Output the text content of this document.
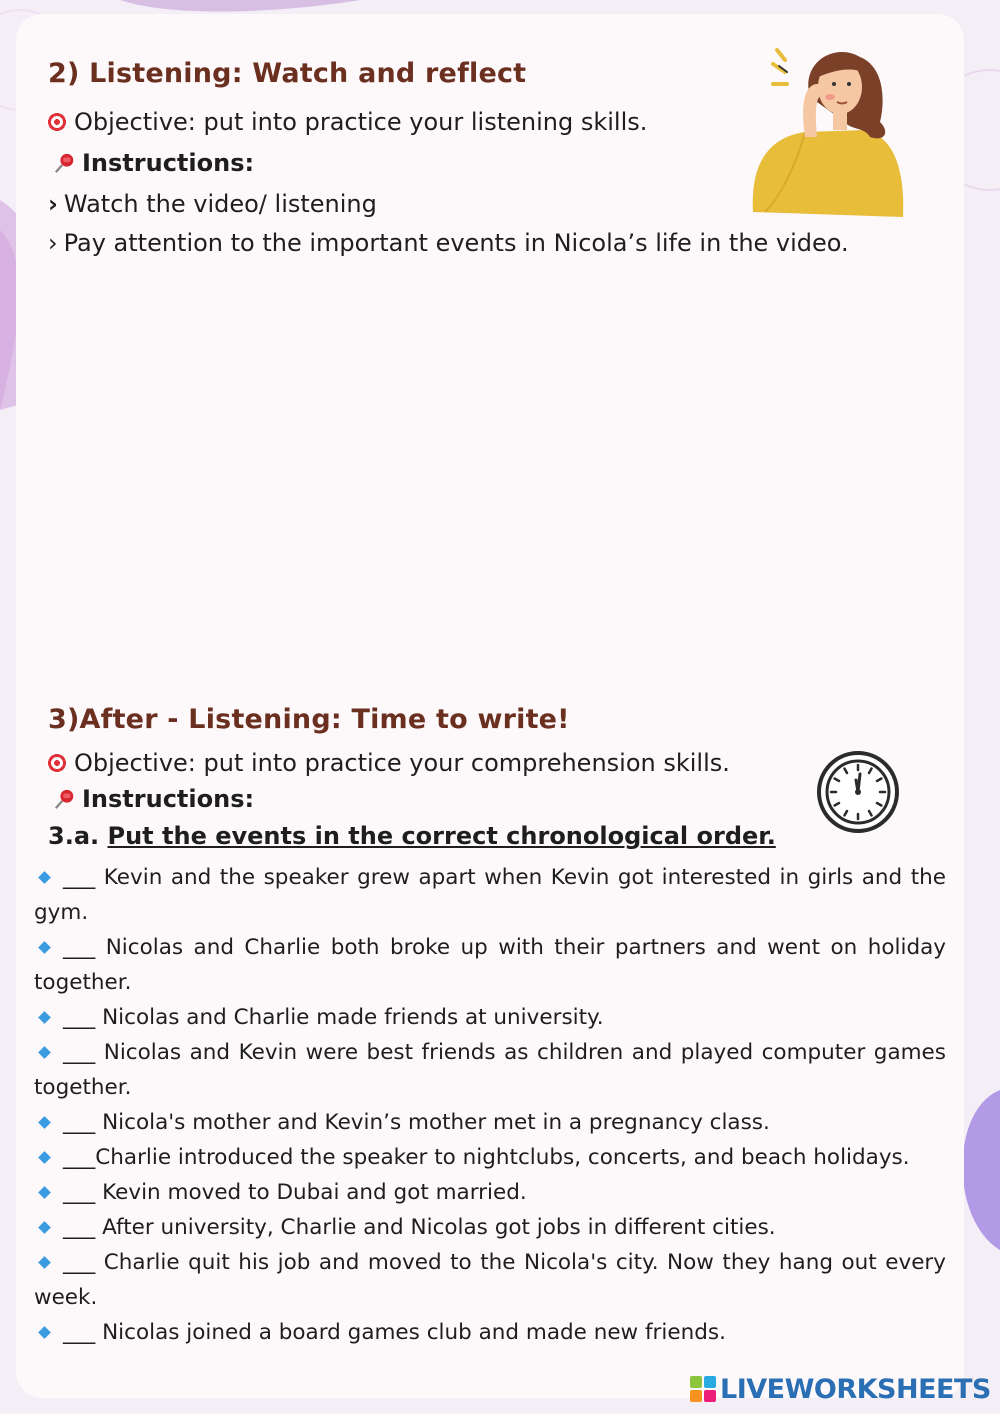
2) Listening: Watch and reflect
Objective: put into practice your listening skills.
Instructions:
› Watch the video/ listening
› Pay attention to the important events in Nicola’s life in the video.
3)After - Listening: Time to write!
Objective: put into practice your comprehension skills.
Instructions:
3.a. Put the events in the correct chronological order.

___ Kevin and the speaker grew apart when Kevin got interested in girls and the gym.

___ Nicolas and Charlie both broke up with their partners and went on holiday together.

___ Nicolas and Charlie made friends at university.

___ Nicolas and Kevin were best friends as children and played computer games together.

___ Nicola's mother and Kevin’s mother met in a pregnancy class.

___Charlie introduced the speaker to nightclubs, concerts, and beach holidays.

___ Kevin moved to Dubai and got married.

___ After university, Charlie and Nicolas got jobs in different cities.

___ Charlie quit his job and moved to the Nicola's city. Now they hang out every week.

___ Nicolas joined a board games club and made new friends.

LIVEWORKSHEETS
